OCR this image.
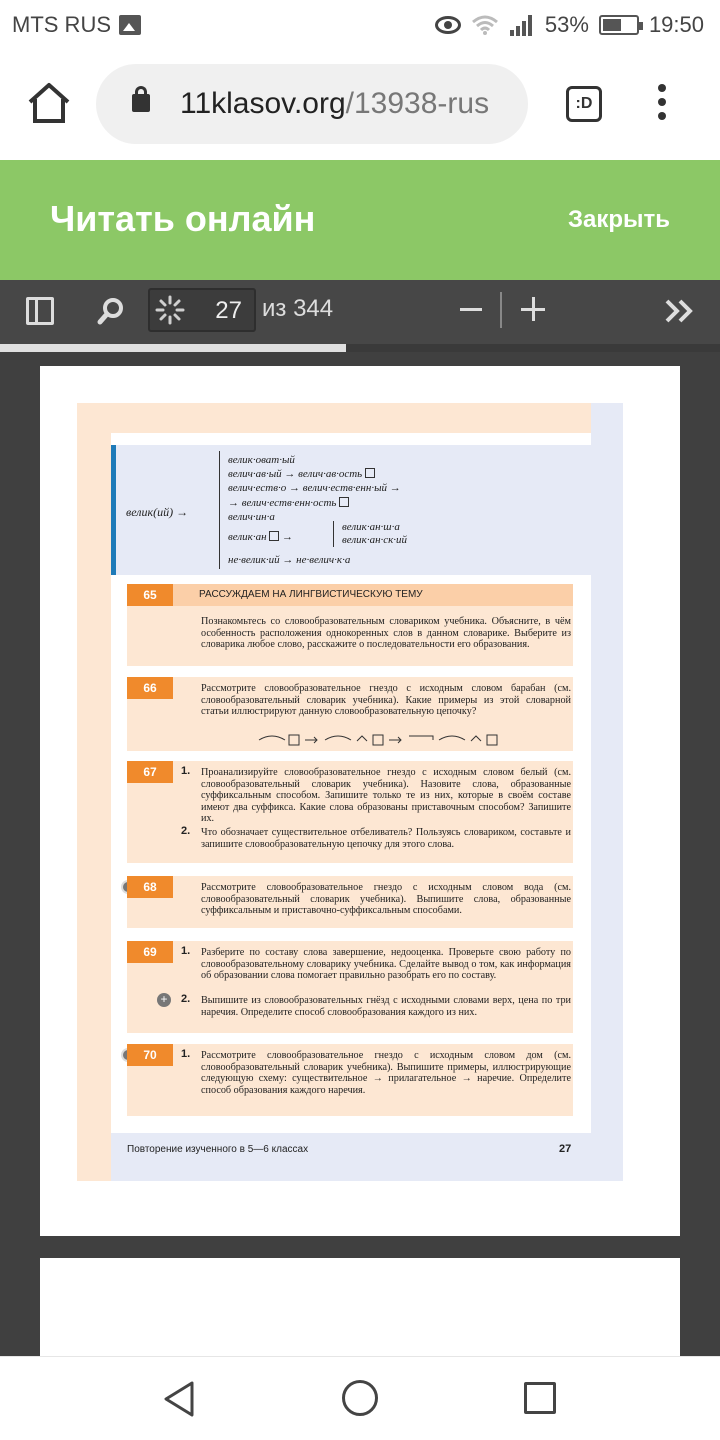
MTS RUS	53%	19:50
11klasov.org/13938-rus	:D
Читать онлайн	Закрыть
27 из 344
велик(ий) →
велик·оват·ый
велич·ав·ый → велич·ав·ость
велич·еств·о → велич·еств·енн·ый →
→ велич·еств·енн·ость
велич·ин·а
велик·ан  →
не·велик·ий → не·велич·к·а
велик·ан·ш·а
велик·ан·ск·ий
65	РАССУЖДАЕМ НА ЛИНГВИСТИЧЕСКУЮ ТЕМУ
Познакомьтесь со словообразовательным словариком учебника. Объясните, в чём особенность расположения однокоренных слов в данном словарике. Выберите из словарика любое слово, расскажите о последовательности его образования.
66	Рассмотрите словообразовательное гнездо с исходным словом барабан (см. словообразовательный словарик учебника). Какие примеры из этой словарной статьи иллюстрируют данную словообразовательную цепочку?
67	1. Проанализируйте словообразовательное гнездо с исходным словом белый (см. словообразовательный словарик учебника). Назовите слова, образованные суффиксальным способом. Запишите только те из них, которые в своём составе имеют два суффикса. Какие слова образованы приставочным способом? Запишите их.
2. Что обозначает существительное отбеливатель? Пользуясь словариком, составьте и запишите словообразовательную цепочку для этого слова.
68	Рассмотрите словообразовательное гнездо с исходным словом вода (см. словообразовательный словарик учебника). Выпишите слова, образованные суффиксальным и приставочно-суффиксальным способами.
69	1. Разберите по составу слова завершение, недооценка. Проверьте свою работу по словообразовательному словарику учебника. Сделайте вывод о том, как информация об образовании слова помогает правильно разобрать его по составу.
+	2. Выпишите из словообразовательных гнёзд с исходными словами верх, цена по три наречия. Определите способ словообразования каждого из них.
70	1. Рассмотрите словообразовательное гнездо с исходным словом дом (см. словообразовательный словарик учебника). Выпишите примеры, иллюстрирующие следующую схему: существительное → прилагательное → наречие. Определите способ образования каждого наречия.
Повторение изученного в 5—6 классах	27
